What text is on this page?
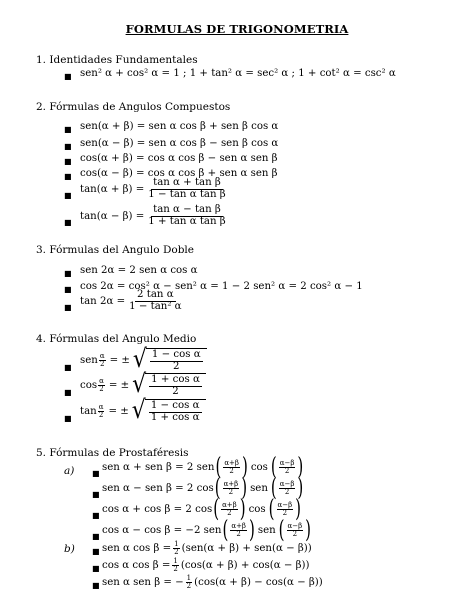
FORMULAS DE TRIGONOMETRIA
1. Identidades Fundamentales
■ sen² α + cos² α = 1 ; 1 + tan² α = sec² α ; 1 + cot² α = csc² α
2. Fórmulas de Angulos Compuestos
■ sen(α + β) = sen α cos β + sen β cos α
■ sen(α − β) = sen α cos β − sen β cos α
■ cos(α + β) = cos α cos β − sen α sen β
■ cos(α − β) = cos α cos β + sen α sen β
■
$\tan(\alpha + \beta) = \frac{\text{tan α + tan β}}{\text{1 − tan α tan β}}$
■
$\tan(\alpha - \beta) = \frac{\text{tan α − tan β}}{\text{1 + tan α tan β}}$
3. Fórmulas del Angulo Doble
■ sen 2α = 2 sen α cos α
■ cos 2α = cos² α − sen² α = 1 − 2 sen² α = 2 cos² α − 1
■
$\tan 2\alpha = \frac{\text{2 tan α}}{\text{1 − tan² α}}$
4. Fórmulas del Angulo Medio
■
sen $\frac{\alpha}{2}$ = ± √ $\frac{\text{1 − cos α}}{2}$
■
$\cos \frac{\alpha}{2}$ = ± √ $\frac{\text{1 + cos α}}{2}$
■
$\tan \frac{\alpha}{2}$ = ± √ $\frac{\text{1 − cos α}}{\text{1 + cos α}}$
5. Fórmulas de Prostaféresis
a) ■
sen α + sen β = 2 sen ( $\frac{\alpha+\beta}{2}$ ) cos ( $\frac{\alpha-\beta}{2}$ )
■
sen α − sen β = 2 cos ( $\frac{\alpha+\beta}{2}$ ) sen ( $\frac{\alpha-\beta}{2}$ )
■
cos α + cos β = 2 cos ( $\frac{\alpha+\beta}{2}$ ) cos ( $\frac{\alpha-\beta}{2}$ )
■
cos α − cos β = −2 sen ( $\frac{\alpha+\beta}{2}$ ) sen ( $\frac{\alpha-\beta}{2}$ )
b) ■ sen α $\cos \beta = \frac{1}{2} (sen(\alpha + \beta) + sen(\alpha - \beta))$
■ cos α $\cos \beta = \frac{1}{2} (\cos(\alpha + \beta) + \cos(\alpha - \beta))$
■ sen α sen β = − $\frac{1}{2} (\cos(\alpha + \beta) - \cos(\alpha - \beta))$
